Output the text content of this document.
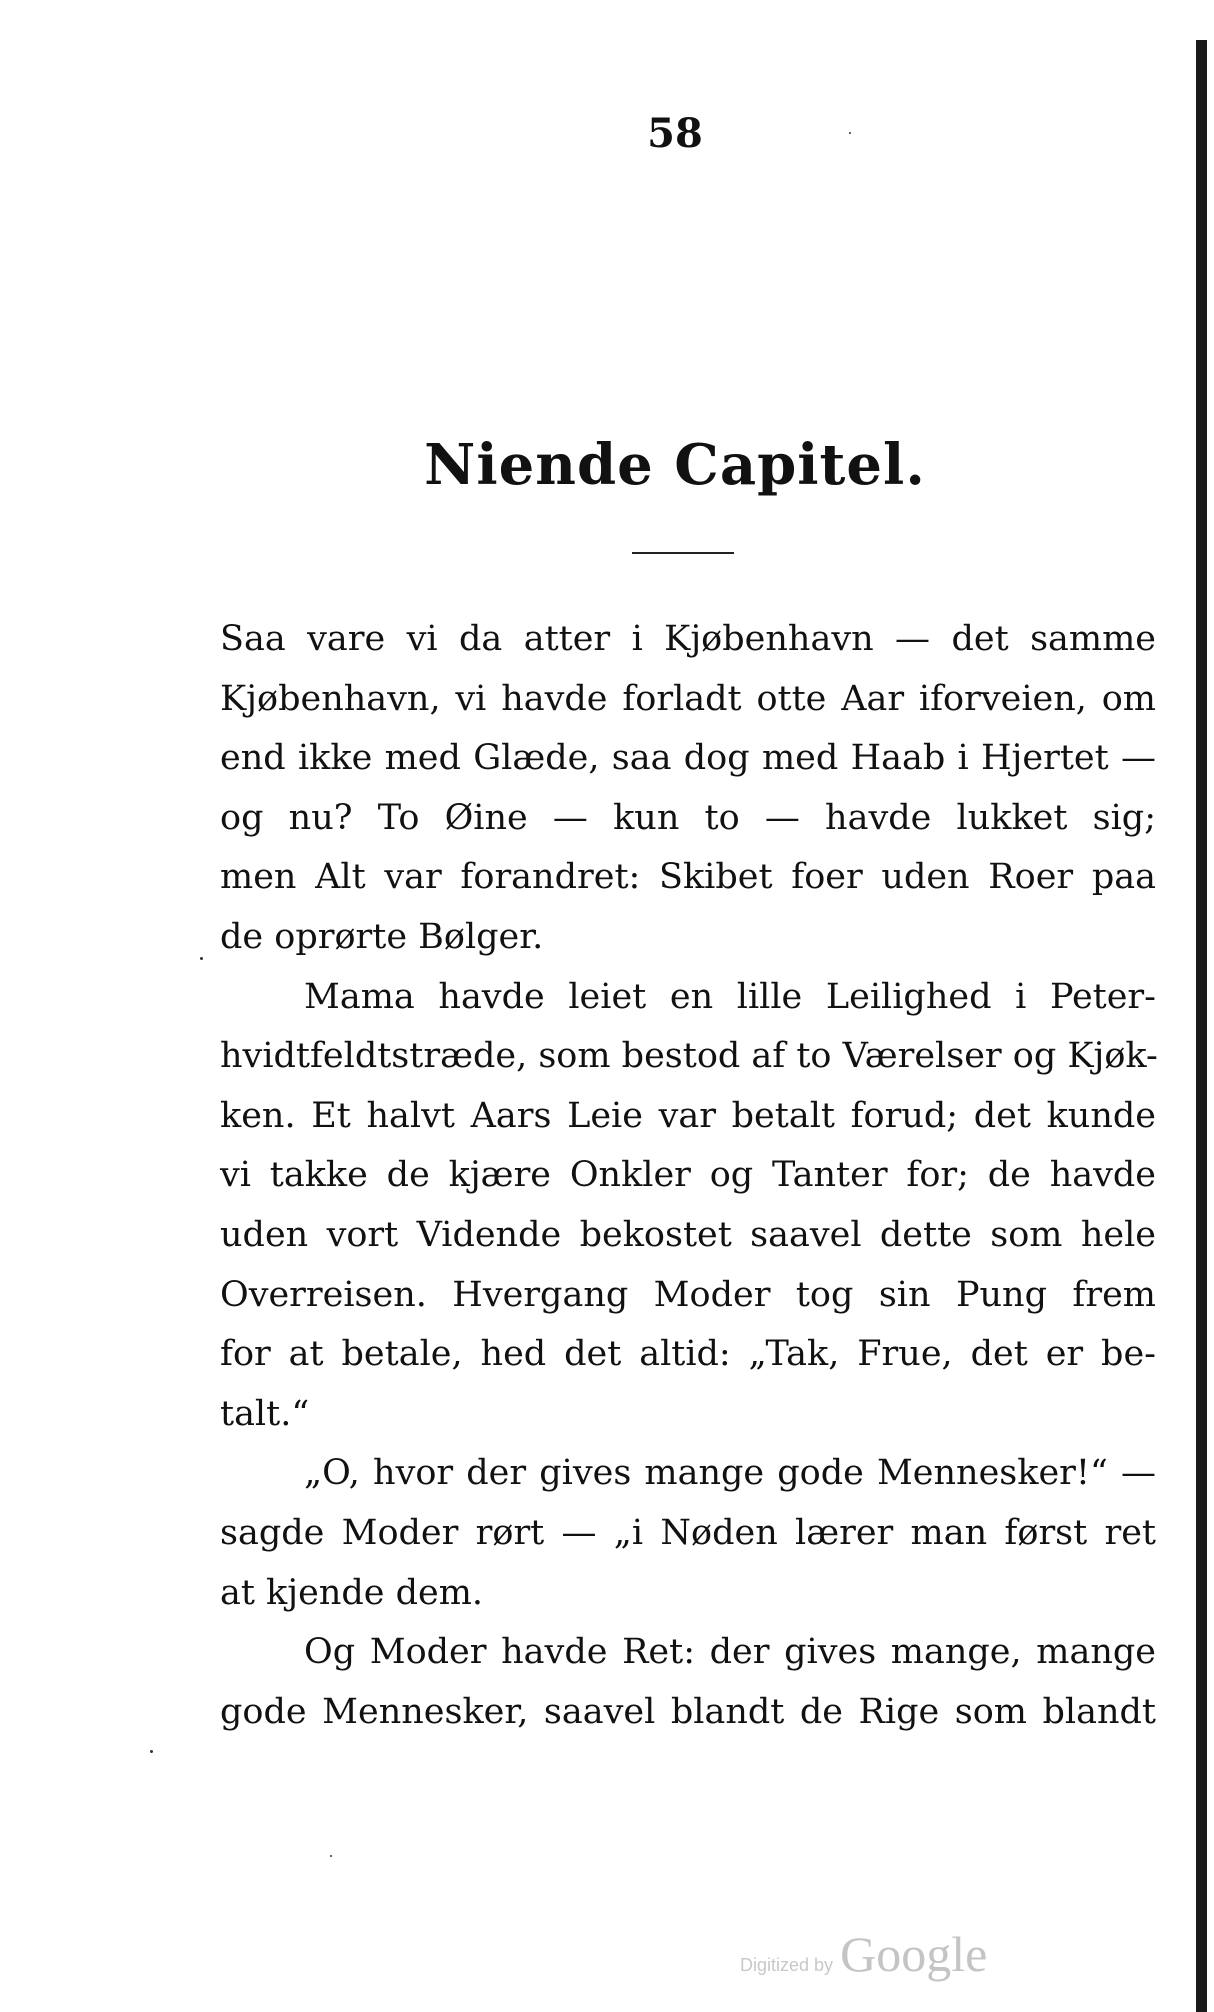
58
Niende Capitel.
Saa vare vi da atter i Kjøbenhavn — det samme
Kjøbenhavn, vi havde forladt otte Aar iforveien, om
end ikke med Glæde, saa dog med Haab i Hjertet —
og nu? To Øine — kun to — havde lukket sig;
men Alt var forandret: Skibet foer uden Roer paa
de oprørte Bølger.
Mama havde leiet en lille Leilighed i Peter-
hvidtfeldtstræde, som bestod af to Værelser og Kjøk-
ken. Et halvt Aars Leie var betalt forud; det kunde
vi takke de kjære Onkler og Tanter for; de havde
uden vort Vidende bekostet saavel dette som hele
Overreisen. Hvergang Moder tog sin Pung frem
for at betale, hed det altid: „Tak, Frue, det er be-
talt.“
„O, hvor der gives mange gode Mennesker!“ —
sagde Moder rørt — „i Nøden lærer man først ret
at kjende dem.
Og Moder havde Ret: der gives mange, mange
gode Mennesker, saavel blandt de Rige som blandt
Digitized by Google
